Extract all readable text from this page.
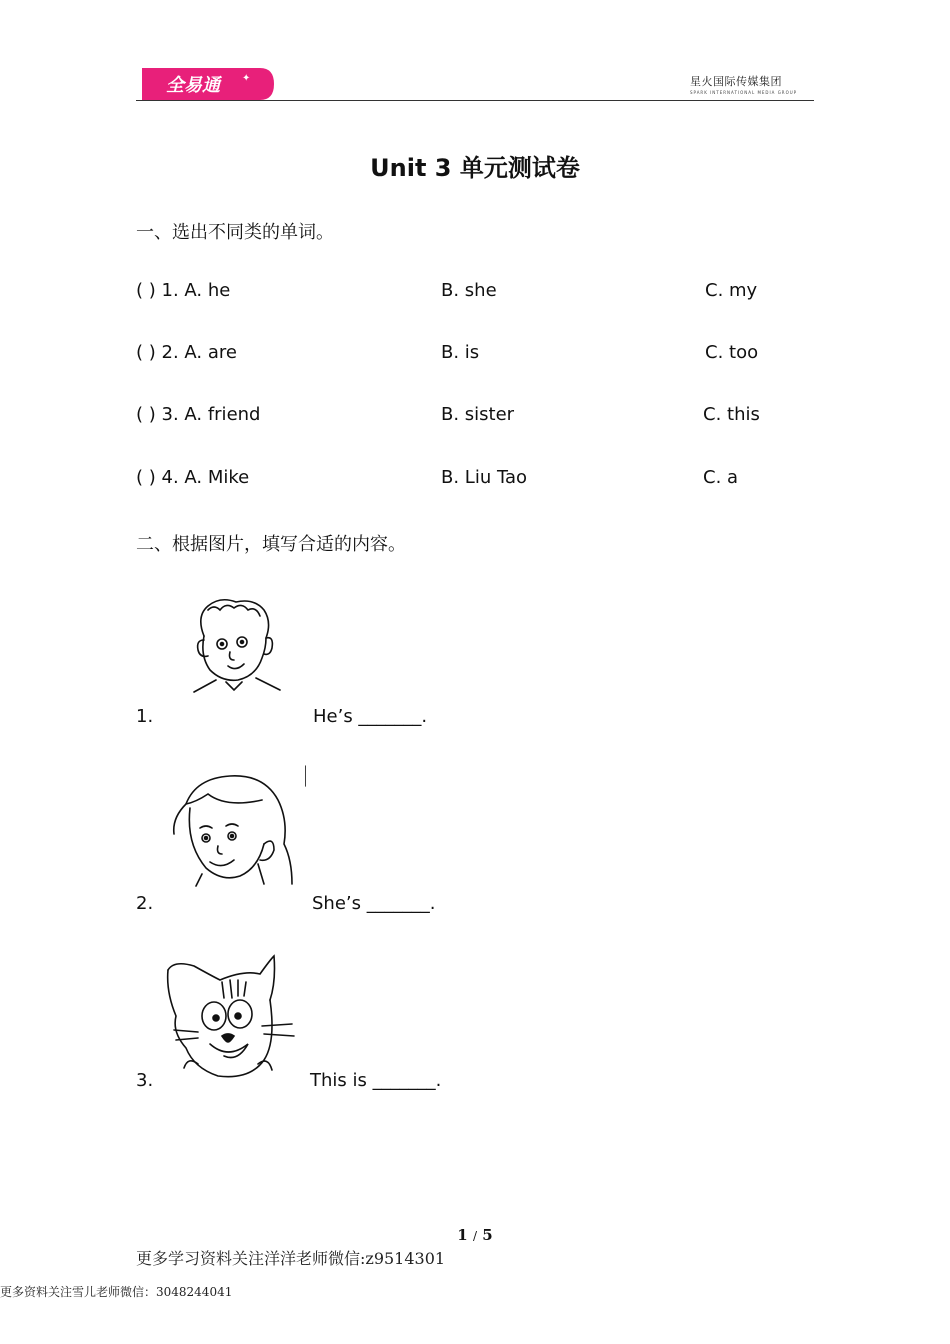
全易通 ✦	星火国际传媒集团
SPARK INTERNATIONAL MEDIA GROUP
Unit 3 单元测试卷
一、选出不同类的单词。
( ) 1. A. he	B. she	C. my
( ) 2. A. are	B. is	C. too
( ) 3. A. friend	B. sister	C. this
( ) 4. A. Mike	B. Liu Tao	C. a
二、根据图片，填写合适的内容。
1.	He’s _______.
2.	She’s _______.
3.	This is _______.
1 / 5
更多学习资料关注洋洋老师微信:z9514301
更多资料关注雪儿老师微信：3048244041
